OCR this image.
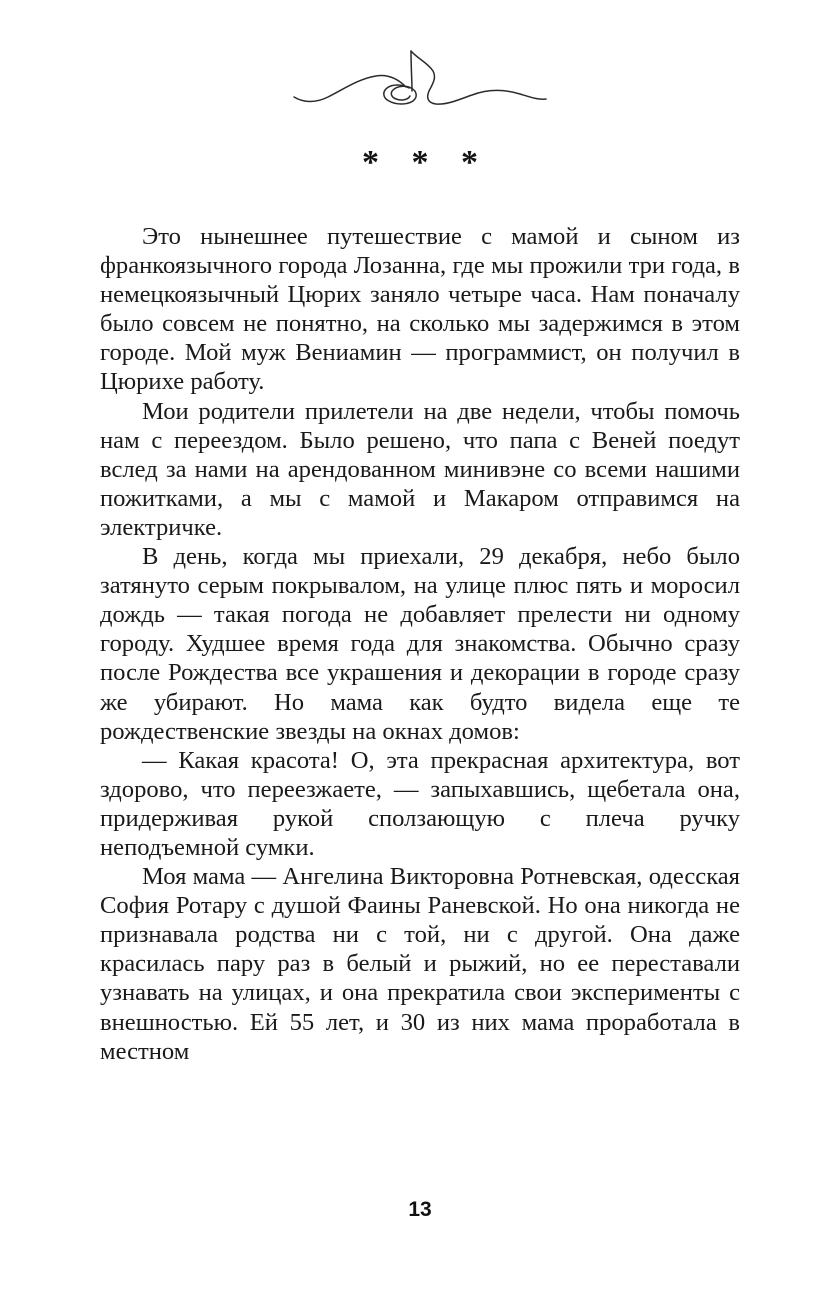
* * *

Это нынешнее путешествие с мамой и сыном из франкоязычного города Лозанна, где мы прожили три года, в немецкоязычный Цюрих заняло четыре часа. Нам поначалу было совсем не понятно, на сколько мы задержимся в этом городе. Мой муж Вениамин — программист, он получил в Цюрихе работу.

Мои родители прилетели на две недели, чтобы помочь нам с переездом. Было решено, что папа с Веней поедут вслед за нами на арендованном минивэне со всеми нашими пожитками, а мы с мамой и Макаром отправимся на электричке.

В день, когда мы приехали, 29 декабря, небо было затянуто серым покрывалом, на улице плюс пять и моросил дождь — такая погода не добавляет прелести ни одному городу. Худшее время года для знакомства. Обычно сразу после Рождества все украшения и декорации в городе сразу же убирают. Но мама как будто видела еще те рождественские звезды на окнах домов:

— Какая красота! О, эта прекрасная архитектура, вот здорово, что переезжаете, — запыхавшись, щебетала она, придерживая рукой сползающую с плеча ручку неподъемной сумки.

Моя мама — Ангелина Викторовна Ротневская, одесская София Ротару с душой Фаины Раневской. Но она никогда не признавала родства ни с той, ни с другой. Она даже красилась пару раз в белый и рыжий, но ее переставали узнавать на улицах, и она прекратила свои эксперименты с внешностью. Ей 55 лет, и 30 из них мама проработала в местном

13
